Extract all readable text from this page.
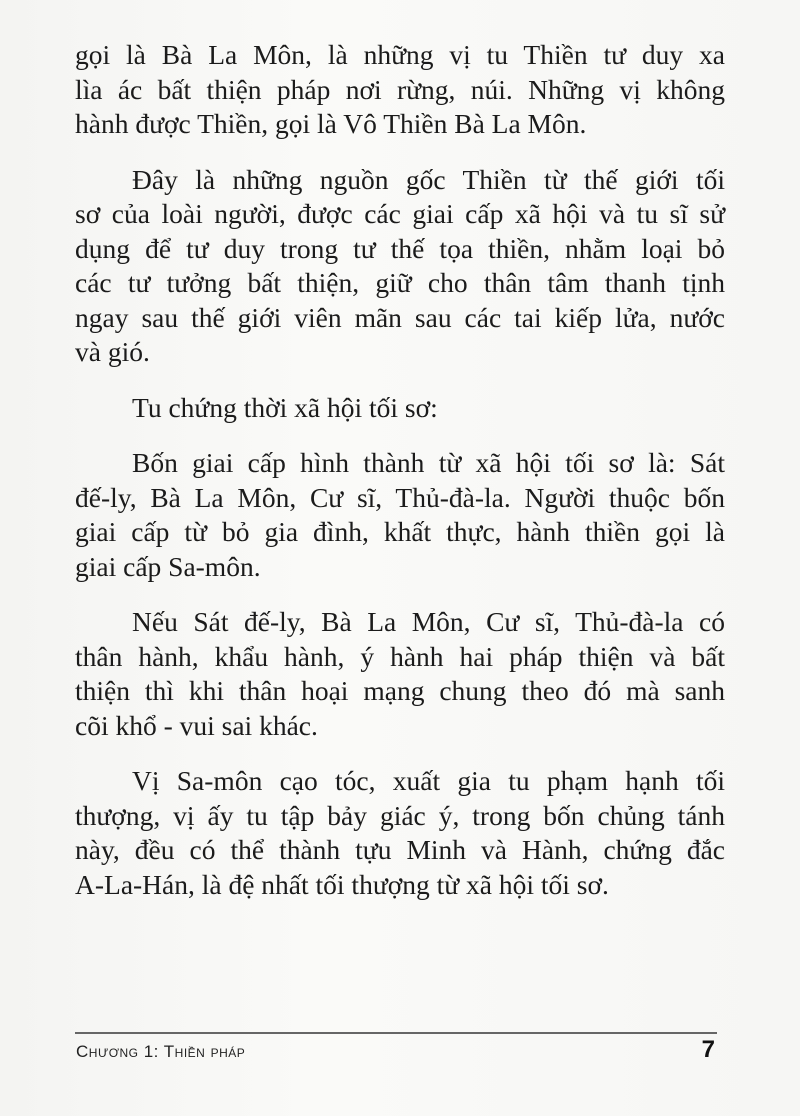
gọi là Bà La Môn, là những vị tu Thiền tư duy xa
lìa ác bất thiện pháp nơi rừng, núi. Những vị không
hành được Thiền, gọi là Vô Thiền Bà La Môn.

Đây là những nguồn gốc Thiền từ thế giới tối
sơ của loài người, được các giai cấp xã hội và tu sĩ sử
dụng để tư duy trong tư thế tọa thiền, nhằm loại bỏ
các tư tưởng bất thiện, giữ cho thân tâm thanh tịnh
ngay sau thế giới viên mãn sau các tai kiếp lửa, nước
và gió.

Tu chứng thời xã hội tối sơ:

Bốn giai cấp hình thành từ xã hội tối sơ là: Sát
đế-ly, Bà La Môn, Cư sĩ, Thủ-đà-la. Người thuộc bốn
giai cấp từ bỏ gia đình, khất thực, hành thiền gọi là
giai cấp Sa-môn.

Nếu Sát đế-ly, Bà La Môn, Cư sĩ, Thủ-đà-la có
thân hành, khẩu hành, ý hành hai pháp thiện và bất
thiện thì khi thân hoại mạng chung theo đó mà sanh
cõi khổ - vui sai khác.

Vị Sa-môn cạo tóc, xuất gia tu phạm hạnh tối
thượng, vị ấy tu tập bảy giác ý, trong bốn chủng tánh
này, đều có thể thành tựu Minh và Hành, chứng đắc
A-La-Hán, là đệ nhất tối thượng từ xã hội tối sơ.

Chương 1: Thiền pháp	7
